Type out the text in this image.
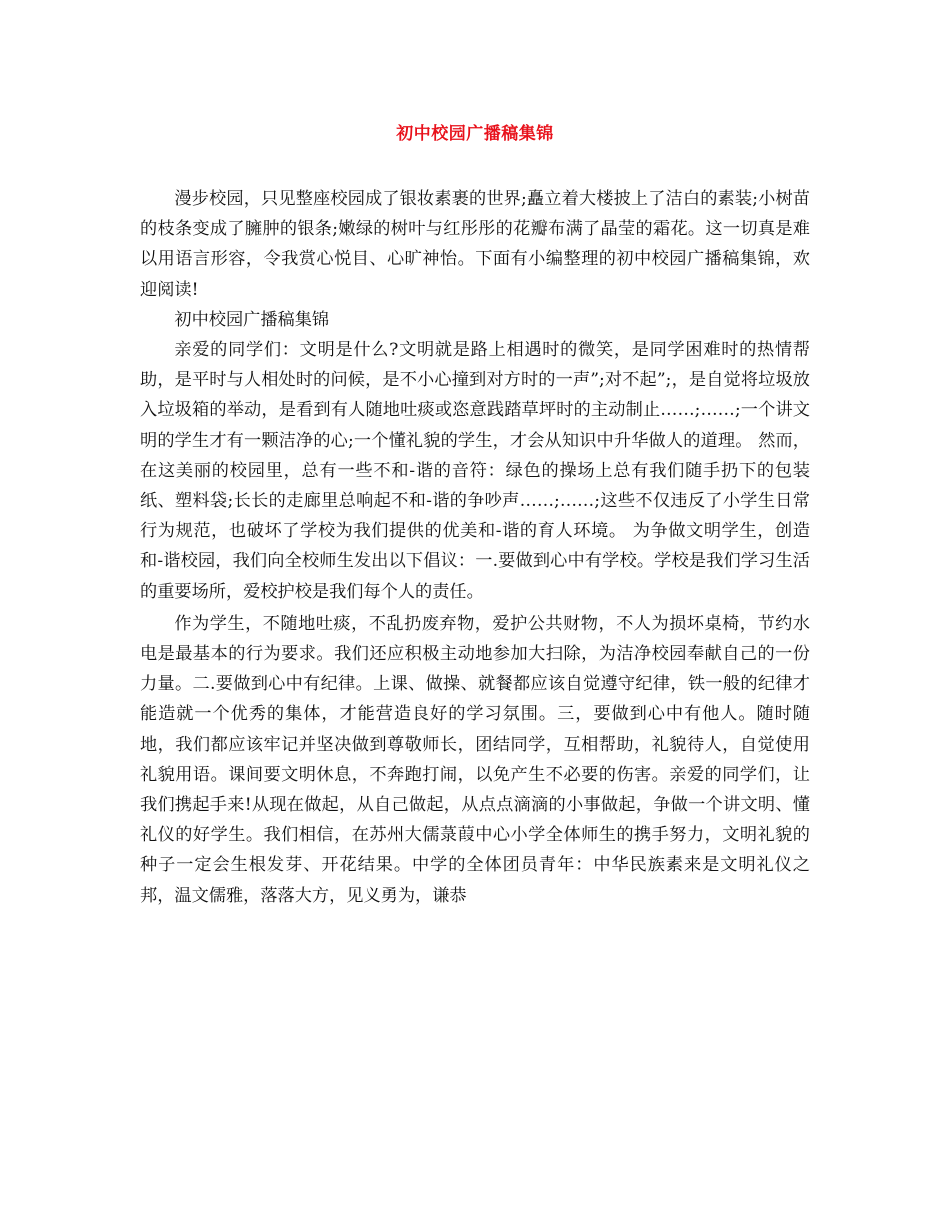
初中校园广播稿集锦

漫步校园，只见整座校园成了银妆素裹的世界;矗立着大楼披上了洁白的素装;小树苗的枝条变成了臃肿的银条;嫩绿的树叶与红彤彤的花瓣布满了晶莹的霜花。这一切真是难以用语言形容，令我赏心悦目、心旷神怡。下面有小编整理的初中校园广播稿集锦，欢迎阅读!

初中校园广播稿集锦

亲爱的同学们：文明是什么?文明就是路上相遇时的微笑，是同学困难时的热情帮助，是平时与人相处时的问候，是不小心撞到对方时的一声”;对不起”;，是自觉将垃圾放入垃圾箱的举动，是看到有人随地吐痰或恣意践踏草坪时的主动制止……;……;一个讲文明的学生才有一颗洁净的心;一个懂礼貌的学生，才会从知识中升华做人的道理。 然而，在这美丽的校园里，总有一些不和-谐的音符：绿色的操场上总有我们随手扔下的包装纸、塑料袋;长长的走廊里总响起不和-谐的争吵声……;……;这些不仅违反了小学生日常行为规范，也破坏了学校为我们提供的优美和-谐的育人环境。 为争做文明学生，创造和-谐校园，我们向全校师生发出以下倡议：一.要做到心中有学校。学校是我们学习生活的重要场所，爱校护校是我们每个人的责任。

作为学生，不随地吐痰，不乱扔废弃物，爱护公共财物，不人为损坏桌椅，节约水电是最基本的行为要求。我们还应积极主动地参加大扫除，为洁净校园奉献自己的一份力量。二.要做到心中有纪律。上课、做操、就餐都应该自觉遵守纪律，铁一般的纪律才能造就一个优秀的集体，才能营造良好的学习氛围。三，要做到心中有他人。随时随地，我们都应该牢记并坚决做到尊敬师长，团结同学，互相帮助，礼貌待人，自觉使用礼貌用语。课间要文明休息，不奔跑打闹，以免产生不必要的伤害。亲爱的同学们，让我们携起手来!从现在做起，从自己做起，从点点滴滴的小事做起，争做一个讲文明、懂礼仪的好学生。我们相信，在苏州大儒菉葭中心小学全体师生的携手努力，文明礼貌的种子一定会生根发芽、开花结果。中学的全体团员青年：中华民族素来是文明礼仪之邦，温文儒雅，落落大方，见义勇为，谦恭
